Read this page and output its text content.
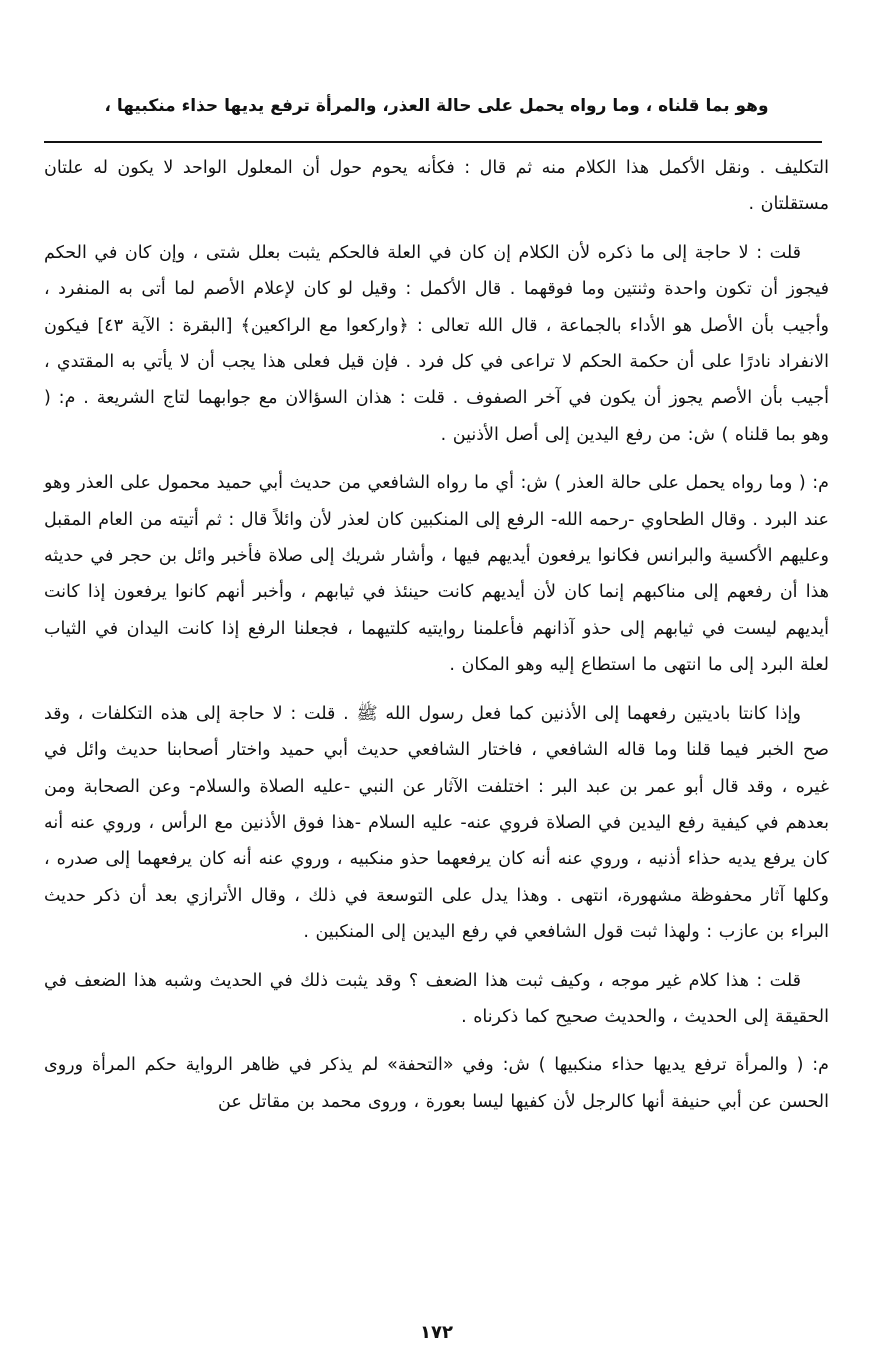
وهو بما قلناه ، وما رواه يحمل على حالة العذر، والمرأة ترفع يديها حذاء منكبيها ،

التكليف . ونقل الأكمل هذا الكلام منه ثم قال : فكأنه يحوم حول أن المعلول الواحد لا يكون له علتان مستقلتان .

قلت : لا حاجة إلى ما ذكره لأن الكلام إن كان في العلة فالحكم يثبت بعلل شتى ، وإن كان في الحكم فيجوز أن تكون واحدة وثنتين وما فوقهما . قال الأكمل : وقيل لو كان لإعلام الأصم لما أتى به المنفرد ، وأجيب بأن الأصل هو الأداء بالجماعة ، قال الله تعالى : ﴿واركعوا مع الراكعين﴾ [البقرة : الآية ٤٣] فيكون الانفراد نادرًا على أن حكمة الحكم لا تراعى في كل فرد . فإن قيل فعلى هذا يجب أن لا يأتي به المقتدي ، أجيب بأن الأصم يجوز أن يكون في آخر الصفوف . قلت : هذان السؤالان مع جوابهما لتاج الشريعة . م: ( وهو بما قلناه ) ش: من رفع اليدين إلى أصل الأذنين .

م: ( وما رواه يحمل على حالة العذر ) ش: أي ما رواه الشافعي من حديث أبي حميد محمول على العذر وهو عند البرد . وقال الطحاوي -رحمه الله- الرفع إلى المنكبين كان لعذر لأن وائلاً قال : ثم أتيته من العام المقبل وعليهم الأكسية والبرانس فكانوا يرفعون أيديهم فيها ، وأشار شريك إلى صلاة فأخبر وائل بن حجر في حديثه هذا أن رفعهم إلى مناكبهم إنما كان لأن أيديهم كانت حينئذ في ثيابهم ، وأخبر أنهم كانوا يرفعون إذا كانت أيديهم ليست في ثيابهم إلى حذو آذانهم فأعلمنا روايتيه كلتيهما ، فجعلنا الرفع إذا كانت اليدان في الثياب لعلة البرد إلى ما انتهى ما استطاع إليه وهو المكان .

وإذا كانتا باديتين رفعهما إلى الأذنين كما فعل رسول الله ﷺ . قلت : لا حاجة إلى هذه التكلفات ، وقد صح الخبر فيما قلنا وما قاله الشافعي ، فاختار الشافعي حديث أبي حميد واختار أصحابنا حديث وائل في غيره ، وقد قال أبو عمر بن عبد البر : اختلفت الآثار عن النبي -عليه الصلاة والسلام- وعن الصحابة ومن بعدهم في كيفية رفع اليدين في الصلاة فروي عنه- عليه السلام -هذا فوق الأذنين مع الرأس ، وروي عنه أنه كان يرفع يديه حذاء أذنيه ، وروي عنه أنه كان يرفعهما حذو منكبيه ، وروي عنه أنه كان يرفعهما إلى صدره ، وكلها آثار محفوظة مشهورة، انتهى . وهذا يدل على التوسعة في ذلك ، وقال الأترازي بعد أن ذكر حديث البراء بن عازب : ولهذا ثبت قول الشافعي في رفع اليدين إلى المنكبين .

قلت : هذا كلام غير موجه ، وكيف ثبت هذا الضعف ؟ وقد يثبت ذلك في الحديث وشبه هذا الضعف في الحقيقة إلى الحديث ، والحديث صحيح كما ذكرناه .

م: ( والمرأة ترفع يديها حذاء منكبيها ) ش: وفي «التحفة» لم يذكر في ظاهر الرواية حكم المرأة وروى الحسن عن أبي حنيفة أنها كالرجل لأن كفيها ليسا بعورة ، وروى محمد بن مقاتل عن

١٧٢
